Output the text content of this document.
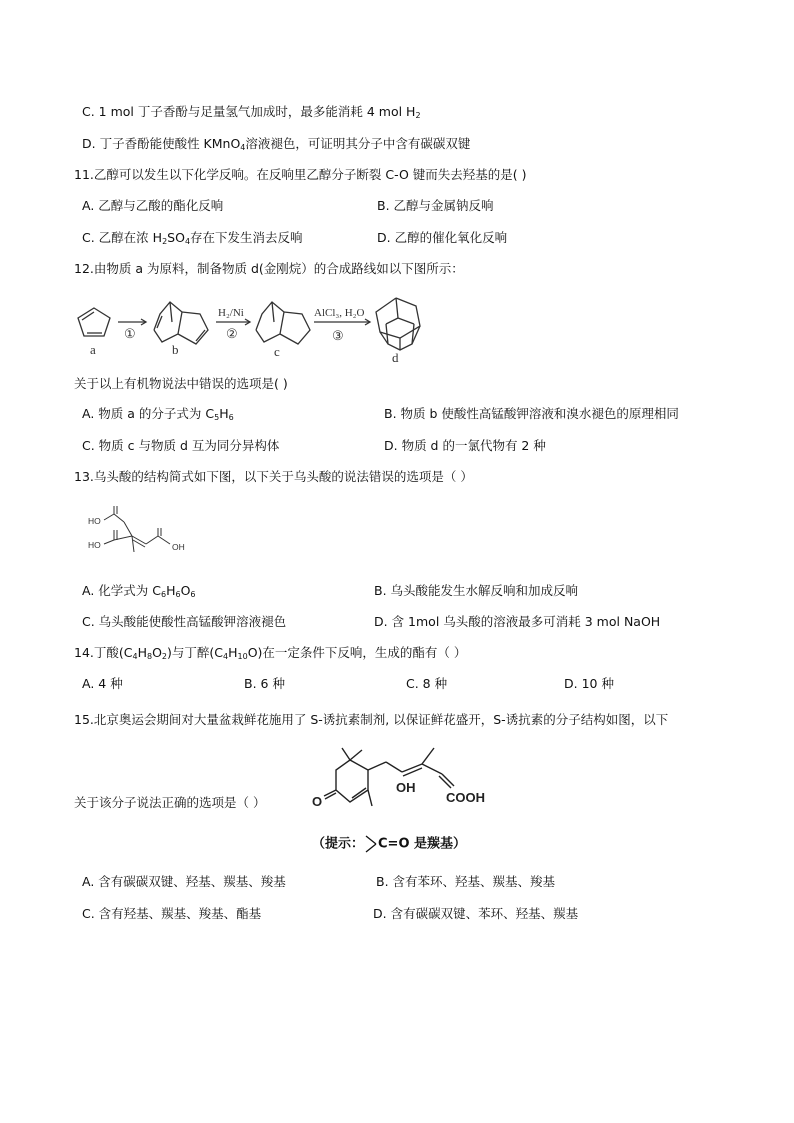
C. 1 mol 丁子香酚与足量氢气加成时，最多能消耗 4 mol $H_2$
D. 丁子香酚能使酸性 KMnO$_4$溶液褪色，可证明其分子中含有碳碳双键
11.乙醇可以发生以下化学反响。在反响里乙醇分子断裂 C-O 键而失去羟基的是( )
A. 乙醇与乙酸的酯化反响	B. 乙醇与金属钠反响
C. 乙醇在浓 $H_2SO_4$存在下发生消去反响	D. 乙醇的催化氧化反响
12.由物质 a 为原料，制备物质 d(金刚烷）的合成路线如以下图所示：
a	b	c	d
①	②	③
H₂/Ni	AlCl₃, H₂O
关于以上有机物说法中错误的选项是( )
A. 物质 a 的分子式为 $C_5H_6$	B. 物质 b 使酸性高锰酸钾溶液和溴水褪色的原理相同
C. 物质 c 与物质 d 互为同分异构体	D. 物质 d 的一氯代物有 2 种
13.乌头酸的结构简式如下图，以下关于乌头酸的说法错误的选项是（ ）
HO
HO	OH
A. 化学式为 $C_6H_6O_6$	B. 乌头酸能发生水解反响和加成反响
C. 乌头酸能使酸性高锰酸钾溶液褪色	D. 含 1mol 乌头酸的溶液最多可消耗 3 mol NaOH
14.丁酸$(C_4H_8O_2)$与丁醉$(C_4H_{10}O)$在一定条件下反响，生成的酯有（ ）
A. 4 种	B. 6 种	C. 8 种	D. 10 种
15.北京奥运会期间对大量盆栽鲜花施用了 S-诱抗素制剂, 以保证鲜花盛开，S-诱抗素的分子结构如图，以下
O
OH
COOH
关于该分子说法正确的选项是（ ）
（提示： C=O 是羰基）
A. 含有碳碳双键、羟基、羰基、羧基	B. 含有苯环、羟基、羰基、羧基
C. 含有羟基、羰基、羧基、酯基	D. 含有碳碳双键、苯环、羟基、羰基
